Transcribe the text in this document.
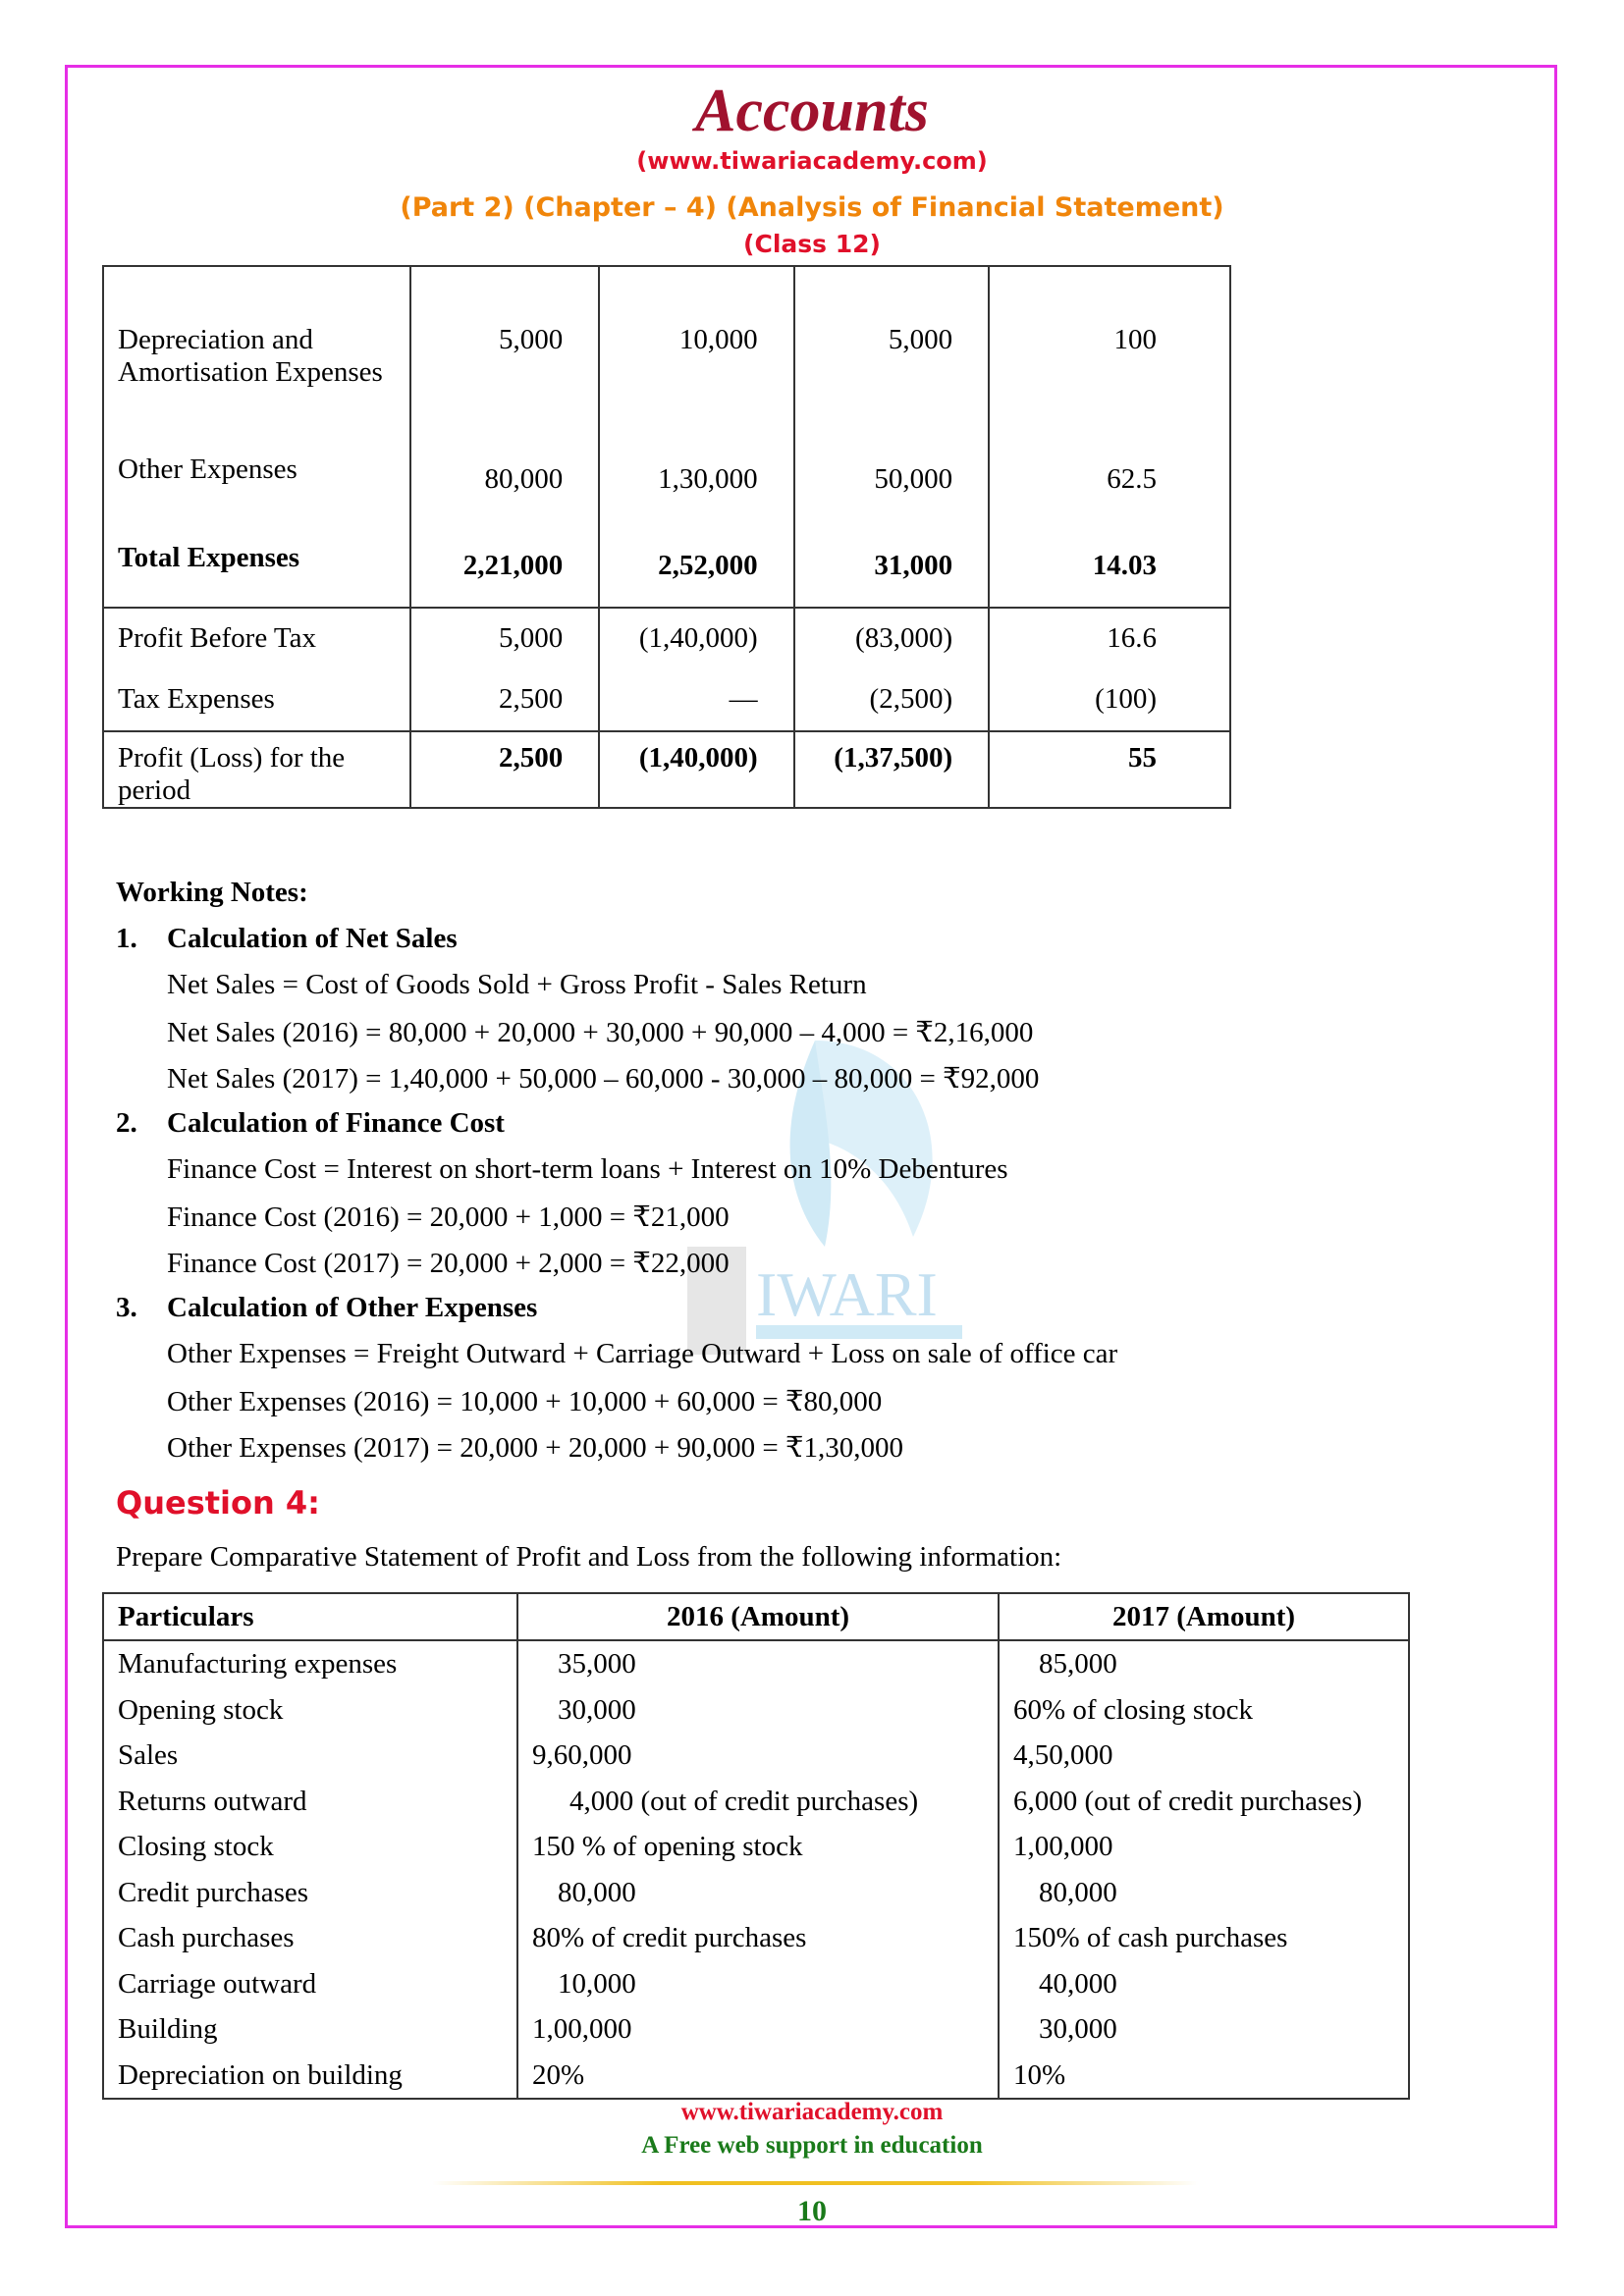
Accounts
(www.tiwariacademy.com)
(Part 2) (Chapter – 4) (Analysis of Financial Statement)
(Class 12)
IWARI
Depreciation and Amortisation Expenses	5,000	10,000	5,000	100
Other Expenses	80,000	1,30,000	50,000	62.5
Total Expenses	2,21,000	2,52,000	31,000	14.03
Profit Before Tax	5,000	(1,40,000)	(83,000)	16.6
Tax Expenses	2,500	—	(2,500)	(100)
Profit (Loss) for the period	2,500	(1,40,000)	(1,37,500)	55
Working Notes:
1. Calculation of Net Sales
Net Sales = Cost of Goods Sold + Gross Profit - Sales Return
Net Sales (2016) = 80,000 + 20,000 + 30,000 + 90,000 – 4,000 = ₹2,16,000
Net Sales (2017) = 1,40,000 + 50,000 – 60,000 - 30,000 – 80,000 = ₹92,000
2. Calculation of Finance Cost
Finance Cost = Interest on short-term loans + Interest on 10% Debentures
Finance Cost (2016) = 20,000 + 1,000 = ₹21,000
Finance Cost (2017) = 20,000 + 2,000 = ₹22,000
3. Calculation of Other Expenses
Other Expenses = Freight Outward + Carriage Outward + Loss on sale of office car
Other Expenses (2016) = 10,000 + 10,000 + 60,000 = ₹80,000
Other Expenses (2017) = 20,000 + 20,000 + 90,000 = ₹1,30,000
Question 4:
Prepare Comparative Statement of Profit and Loss from the following information:
Particulars	2016 (Amount)	2017 (Amount)
Manufacturing expenses	35,000	85,000
Opening stock	30,000	60% of closing stock
Sales	9,60,000	4,50,000
Returns outward	4,000 (out of credit purchases)	6,000 (out of credit purchases)
Closing stock	150 % of opening stock	1,00,000
Credit purchases	80,000	80,000
Cash purchases	80% of credit purchases	150% of cash purchases
Carriage outward	10,000	40,000
Building	1,00,000	30,000
Depreciation on building	20%	10%
www.tiwariacademy.com
A Free web support in education
10
